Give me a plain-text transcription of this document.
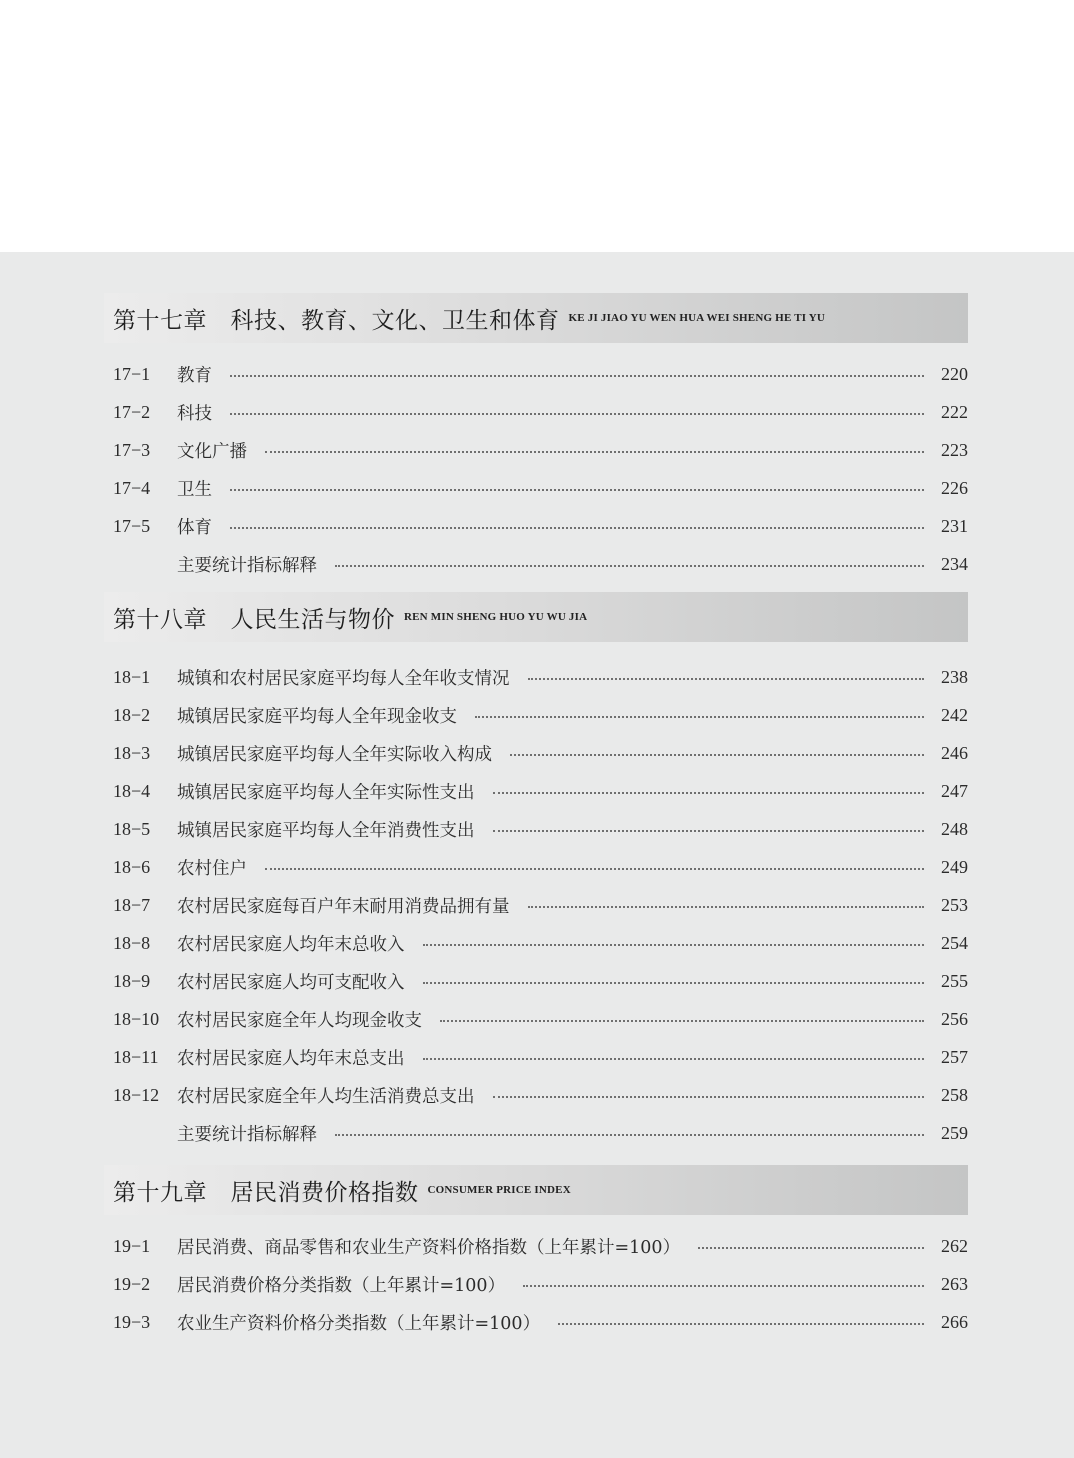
第十七章　科技、教育、文化、卫生和体育 KE JI JIAO YU WEN HUA WEI SHENG HE TI YU
17−1	教育	220
17−2	科技	222
17−3	文化广播	223
17−4	卫生	226
17−5	体育	231
主要统计指标解释	234
第十八章　人民生活与物价 REN MIN SHENG HUO YU WU JIA
18−1	城镇和农村居民家庭平均每人全年收支情况	238
18−2	城镇居民家庭平均每人全年现金收支	242
18−3	城镇居民家庭平均每人全年实际收入构成	246
18−4	城镇居民家庭平均每人全年实际性支出	247
18−5	城镇居民家庭平均每人全年消费性支出	248
18−6	农村住户	249
18−7	农村居民家庭每百户年末耐用消费品拥有量	253
18−8	农村居民家庭人均年末总收入	254
18−9	农村居民家庭人均可支配收入	255
18−10	农村居民家庭全年人均现金收支	256
18−11	农村居民家庭人均年末总支出	257
18−12	农村居民家庭全年人均生活消费总支出	258
主要统计指标解释	259
第十九章　居民消费价格指数 CONSUMER PRICE INDEX
19−1	居民消费、商品零售和农业生产资料价格指数（上年累计=100）	262
19−2	居民消费价格分类指数（上年累计=100）	263
19−3	农业生产资料价格分类指数（上年累计=100）	266
